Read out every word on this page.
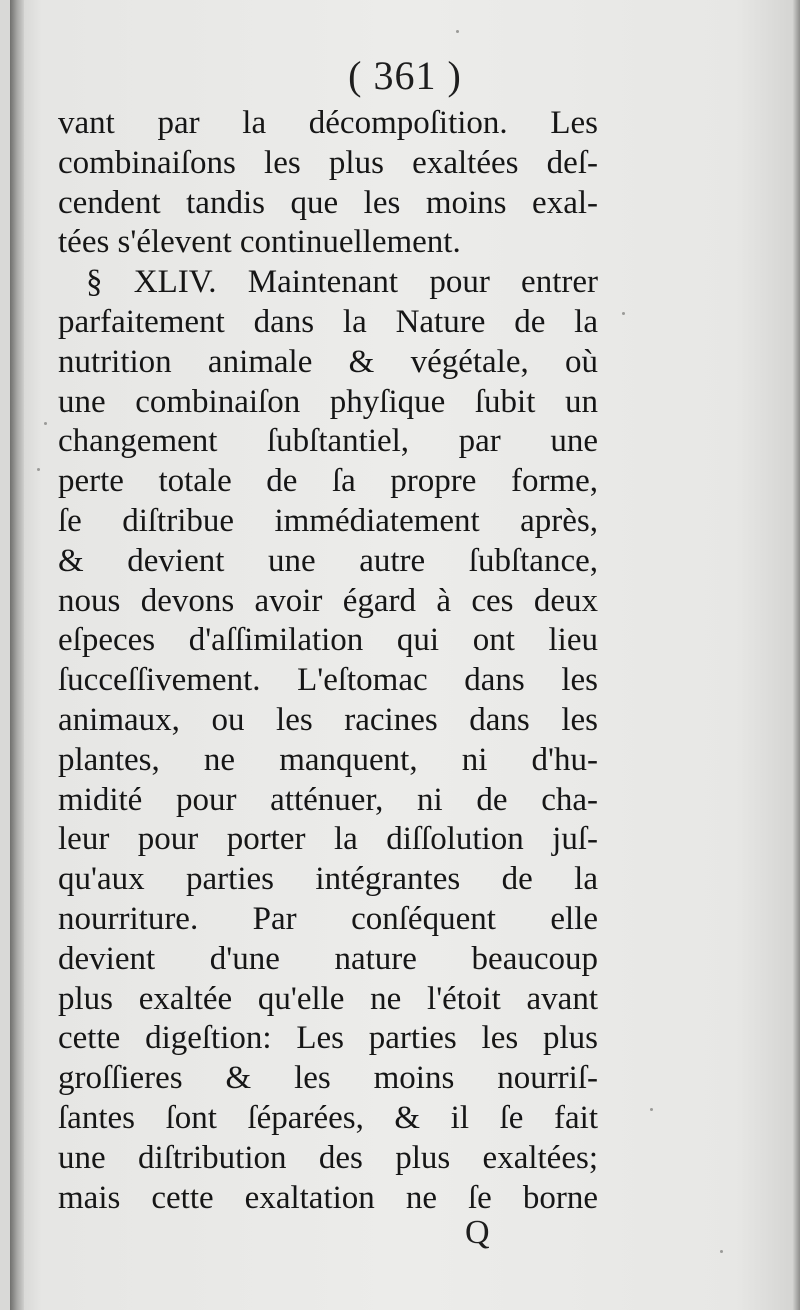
( 361 )
vant par la décompoſition. Les
combinaiſons les plus exaltées deſ-
cendent tandis que les moins exal-
tées s'élevent continuellement.
§ XLIV. Maintenant pour entrer
parfaitement dans la Nature de la
nutrition animale & végétale, où
une combinaiſon phyſique ſubit un
changement ſubſtantiel, par une
perte totale de ſa propre forme,
ſe diſtribue immédiatement après,
& devient une autre ſubſtance,
nous devons avoir égard à ces deux
eſpeces d'aſſimilation qui ont lieu
ſucceſſivement. L'eſtomac dans les
animaux, ou les racines dans les
plantes, ne manquent, ni d'hu-
midité pour atténuer, ni de cha-
leur pour porter la diſſolution juſ-
qu'aux parties intégrantes de la
nourriture. Par conſéquent elle
devient d'une nature beaucoup
plus exaltée qu'elle ne l'étoit avant
cette digeſtion: Les parties les plus
groſſieres & les moins nourriſ-
ſantes ſont ſéparées, & il ſe fait
une diſtribution des plus exaltées;
mais cette exaltation ne ſe borne
Q
